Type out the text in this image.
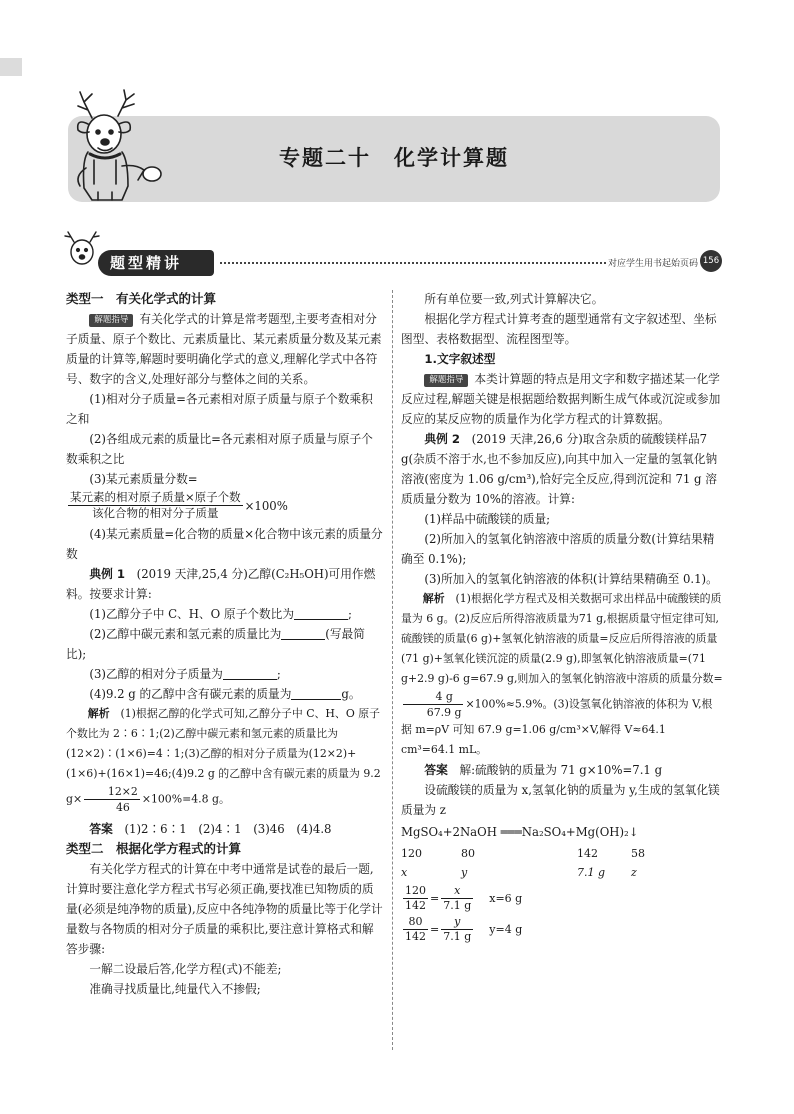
专题二十　化学计算题
题型精讲	对应学生用书起始页码 156

类型一　有关化学式的计算

解题指导 有关化学式的计算是常考题型,主要考查相对分子质量、原子个数比、元素质量比、某元素质量分数及某元素质量的计算等,解题时要明确化学式的意义,理解化学式中各符号、数字的含义,处理好部分与整体之间的关系。

(1)相对分子质量=各元素相对原子质量与原子个数乘积之和

(2)各组成元素的质量比=各元素相对原子质量与原子个数乘积之比

(3)某元素质量分数=

$\frac{\text{某元素的相对原子质量×原子个数}}{\text{该化合物的相对分子质量}} \times 100\%$

(4)某元素质量=化合物的质量×化合物中该元素的质量分数

典例 1　 (2019 天津,25,4 分)乙醇(C₂H₅OH)可用作燃料。按要求计算:

(1)乙醇分子中 C、H、O 原子个数比为	;

(2)乙醇中碳元素和氢元素的质量比为	(写最简比);

(3)乙醇的相对分子质量为	;

(4)9.2 g 的乙醇中含有碳元素的质量为	g。

解析　 (1)根据乙醇的化学式可知,乙醇分子中 C、H、O 原子个数比为 2∶6∶1;(2)乙醇中碳元素和氢元素的质量比为(12×2)∶(1×6)=4∶1;(3)乙醇的相对分子质量为(12×2)+(1×6)+(16×1)=46;(4)9.2 g 的乙醇中含有碳元素的质量为 9.2 $g\times \frac{12\times 2}{46} \times 100\%=4.8$ g。

答案　 (1)2∶6∶1　(2)4∶1　(3)46　(4)4.8

类型二　根据化学方程式的计算

有关化学方程式的计算在中考中通常是试卷的最后一题,计算时要注意化学方程式书写必须正确,要找准已知物质的质量(必须是纯净物的质量),反应中各纯净物的质量比等于化学计量数与各物质的相对分子质量的乘积比,要注意计算格式和解答步骤:

一解二设最后答,化学方程(式)不能差;

准确寻找质量比,纯量代入不掺假;

所有单位要一致,列式计算解决它。

根据化学方程式计算考查的题型通常有文字叙述型、坐标图型、表格数据型、流程图型等。

1.文字叙述型

解题指导 本类计算题的特点是用文字和数字描述某一化学反应过程,解题关键是根据题给数据判断生成气体或沉淀或参加反应的某反应物的质量作为化学方程式的计算数据。

典例 2　 (2019 天津,26,6 分)取含杂质的硫酸镁样品7 g(杂质不溶于水,也不参加反应),向其中加入一定量的氢氧化钠溶液(密度为 1.06 g/cm³),恰好完全反应,得到沉淀和 71 g 溶质质量分数为 10%的溶液。计算:

(1)样品中硫酸镁的质量;

(2)所加入的氢氧化钠溶液中溶质的质量分数(计算结果精确至 0.1%);

(3)所加入的氢氧化钠溶液的体积(计算结果精确至 0.1)。

解析　 (1)根据化学方程式及相关数据可求出样品中硫酸镁的质量为 6 g。(2)反应后所得溶液质量为71 g,根据质量守恒定律可知,硫酸镁的质量(6 g)+氢氧化钠溶液的质量=反应后所得溶液的质量(71 g)+氢氧化镁沉淀的质量(2.9 g),即氢氧化钠溶液质量=(71 g+2.9 g)-6 g=67.9 g,则加入的氢氧化钠溶液中溶质的质量分数=
$\frac{4 g}{67.9 g} \times 100\%\approx 5.9\%$。(3)设氢氧化钠溶液的体积为 V,根据 m=ρV 可知 67.9 g=1.06 g/cm³×V,解得 V≈64.1 cm³=64.1 mL。

答案　 解:硫酸钠的质量为 71 g×10%=7.1 g

设硫酸镁的质量为 x,氢氧化钠的质量为 y,生成的氢氧化镁质量为 z

MgSO₄+2NaOH ═══Na₂SO₄+Mg(OH)₂↓

120	80	142	58
x	y	7.1 g	z
$\frac{120}{142} = \frac{x}{7.1 g} x=6$ g
$\frac{80}{142} = \frac{y}{7.1 g} y=4$ g
